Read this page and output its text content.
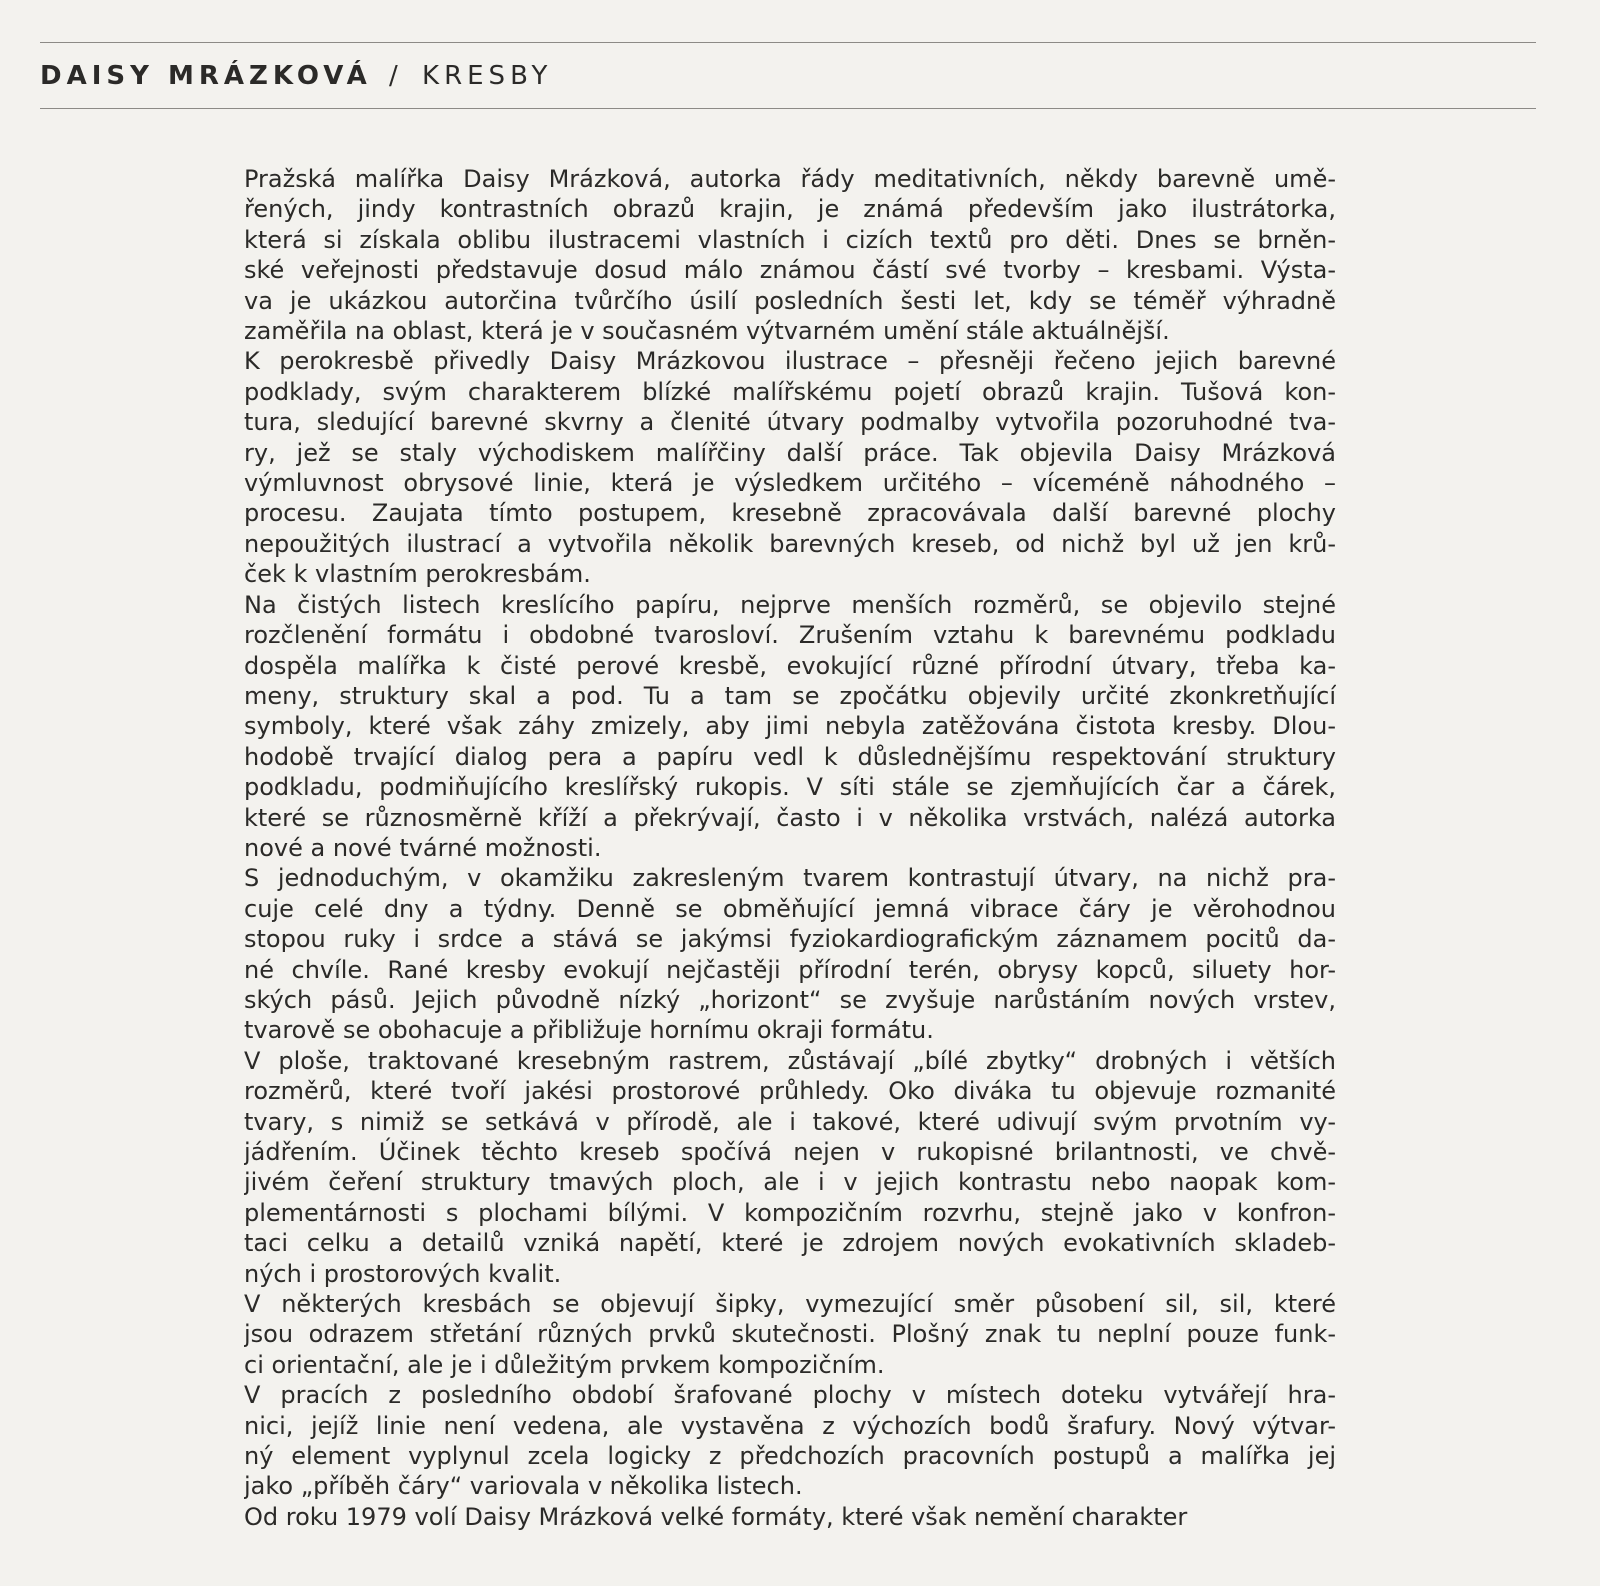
DAISY MRÁZKOVÁ / KRESBY
Pražská malířka Daisy Mrázková, autorka řády meditativních, někdy barevně umě-
řených, jindy kontrastních obrazů krajin, je známá především jako ilustrátorka,
která si získala oblibu ilustracemi vlastních i cizích textů pro děti. Dnes se brněn-
ské veřejnosti představuje dosud málo známou částí své tvorby – kresbami. Výsta-
va je ukázkou autorčina tvůrčího úsilí posledních šesti let, kdy se téměř výhradně
zaměřila na oblast, která je v současném výtvarném umění stále aktuálnější.
K perokresbě přivedly Daisy Mrázkovou ilustrace – přesněji řečeno jejich barevné
podklady, svým charakterem blízké malířskému pojetí obrazů krajin. Tušová kon-
tura, sledující barevné skvrny a členité útvary podmalby vytvořila pozoruhodné tva-
ry, jež se staly východiskem malířčiny další práce. Tak objevila Daisy Mrázková
výmluvnost obrysové linie, která je výsledkem určitého – víceméně náhodného –
procesu. Zaujata tímto postupem, kresebně zpracovávala další barevné plochy
nepoužitých ilustrací a vytvořila několik barevných kreseb, od nichž byl už jen krů-
ček k vlastním perokresbám.
Na čistých listech kreslícího papíru, nejprve menších rozměrů, se objevilo stejné
rozčlenění formátu i obdobné tvarosloví. Zrušením vztahu k barevnému podkladu
dospěla malířka k čisté perové kresbě, evokující různé přírodní útvary, třeba ka-
meny, struktury skal a pod. Tu a tam se zpočátku objevily určité zkonkretňující
symboly, které však záhy zmizely, aby jimi nebyla zatěžována čistota kresby. Dlou-
hodobě trvající dialog pera a papíru vedl k důslednějšímu respektování struktury
podkladu, podmiňujícího kreslířský rukopis. V síti stále se zjemňujících čar a čárek,
které se různosměrně kříží a překrývají, často i v několika vrstvách, nalézá autorka
nové a nové tvárné možnosti.
S jednoduchým, v okamžiku zakresleným tvarem kontrastují útvary, na nichž pra-
cuje celé dny a týdny. Denně se obměňující jemná vibrace čáry je věrohodnou
stopou ruky i srdce a stává se jakýmsi fyziokardiografickým záznamem pocitů da-
né chvíle. Rané kresby evokují nejčastěji přírodní terén, obrysy kopců, siluety hor-
ských pásů. Jejich původně nízký „horizont“ se zvyšuje narůstáním nových vrstev,
tvarově se obohacuje a přibližuje hornímu okraji formátu.
V ploše, traktované kresebným rastrem, zůstávají „bílé zbytky“ drobných i větších
rozměrů, které tvoří jakési prostorové průhledy. Oko diváka tu objevuje rozmanité
tvary, s nimiž se setkává v přírodě, ale i takové, které udivují svým prvotním vy-
jádřením. Účinek těchto kreseb spočívá nejen v rukopisné brilantnosti, ve chvě-
jivém čeření struktury tmavých ploch, ale i v jejich kontrastu nebo naopak kom-
plementárnosti s plochami bílými. V kompozičním rozvrhu, stejně jako v konfron-
taci celku a detailů vzniká napětí, které je zdrojem nových evokativních skladeb-
ných i prostorových kvalit.
V některých kresbách se objevují šipky, vymezující směr působení sil, sil, které
jsou odrazem střetání různých prvků skutečnosti. Plošný znak tu neplní pouze funk-
ci orientační, ale je i důležitým prvkem kompozičním.
V pracích z posledního období šrafované plochy v místech doteku vytvářejí hra-
nici, jejíž linie není vedena, ale vystavěna z výchozích bodů šrafury. Nový výtvar-
ný element vyplynul zcela logicky z předchozích pracovních postupů a malířka jej
jako „příběh čáry“ variovala v několika listech.
Od roku 1979 volí Daisy Mrázková velké formáty, které však nemění charakter
